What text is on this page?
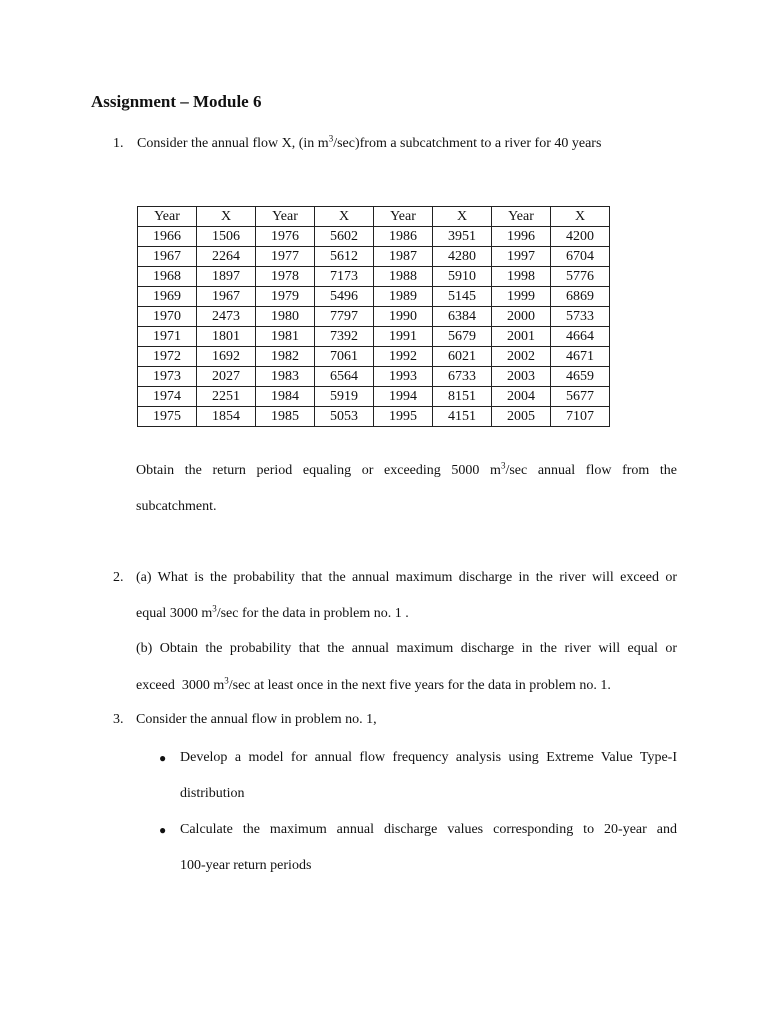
Assignment – Module 6
1. Consider the annual flow X, (in $m^3/\sec)from$ a subcatchment to a river for 40 years
Year	X	Year	X	Year	X	Year	X
1966	1506	1976	5602	1986	3951	1996	4200
1967	2264	1977	5612	1987	4280	1997	6704
1968	1897	1978	7173	1988	5910	1998	5776
1969	1967	1979	5496	1989	5145	1999	6869
1970	2473	1980	7797	1990	6384	2000	5733
1971	1801	1981	7392	1991	5679	2001	4664
1972	1692	1982	7061	1992	6021	2002	4671
1973	2027	1983	6564	1993	6733	2003	4659
1974	2251	1984	5919	1994	8151	2004	5677
1975	1854	1985	5053	1995	4151	2005	7107
Obtain the return period equaling or exceeding 5000 $m^3/\sec$ annual flow from the
subcatchment.
2. (a) What is the probability that the annual maximum discharge in the river will exceed or
equal 3000 $m^3/\sec$ for the data in problem no. 1 .
(b) Obtain the probability that the annual maximum discharge in the river will equal or
exceed  3000 $m^3/\sec$ at least once in the next five years for the data in problem no. 1.
3. Consider the annual flow in problem no. 1,
● Develop a model for annual flow frequency analysis using Extreme Value Type-I
distribution
● Calculate the maximum annual discharge values corresponding to 20-year and
100-year return periods
